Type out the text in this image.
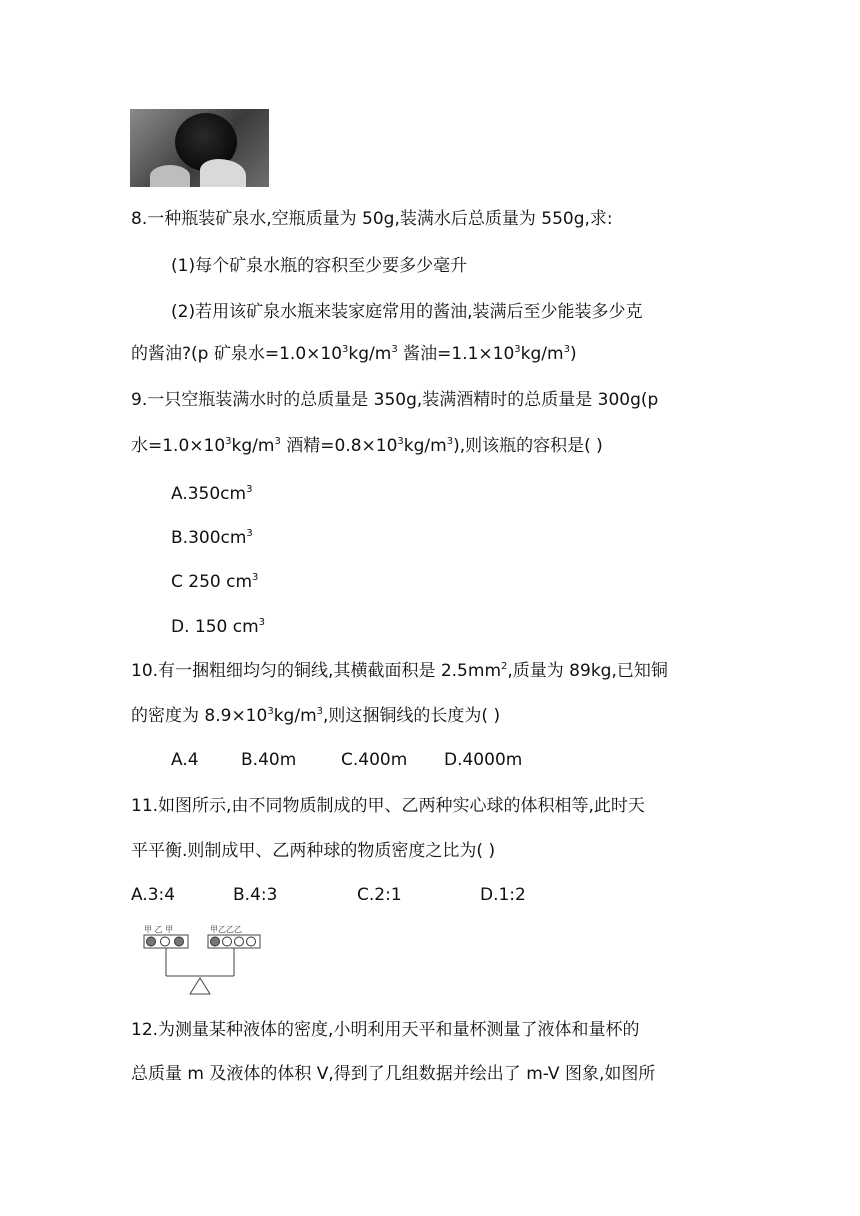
8.一种瓶装矿泉水,空瓶质量为 50g,装满水后总质量为 550g,求:
(1)每个矿泉水瓶的容积至少要多少毫升
(2)若用该矿泉水瓶来装家庭常用的酱油,装满后至少能装多少克
的酱油?(p 矿泉水$=1.0\times 10^3kg/m^3$ 酱油$=1.1\times 10^3kg/m^3$)
9.一只空瓶装满水时的总质量是 350g,装满酒精时的总质量是 300g(p
水$=1.0\times 10^3kg/m^3$ 酒精$=0.8\times 10^3kg/m^3$),则该瓶的容积是( )
$A.350cm^3$
$B.300cm^3$
C 250 $cm^3$
D. 150 $cm^3$
10.有一捆粗细均匀的铜线,其横截面积是 $2.5mm^2$,质量为 89kg,已知铜
的密度为 $8.9\times 10^3kg/m^3$,则这捆铜线的长度为( )
A.4 B.40m	C.400m D.4000m
11.如图所示,由不同物质制成的甲、乙两种实心球的体积相等,此时天
平平衡.则制成甲、乙两种球的物质密度之比为( )
A.3:4	B.4:3	C.2:1	D.1:2
甲 乙 甲	甲乙乙乙
12.为测量某种液体的密度,小明利用天平和量杯测量了液体和量杯的
总质量 m 及液体的体积 V,得到了几组数据并绘出了 m-V 图象,如图所
